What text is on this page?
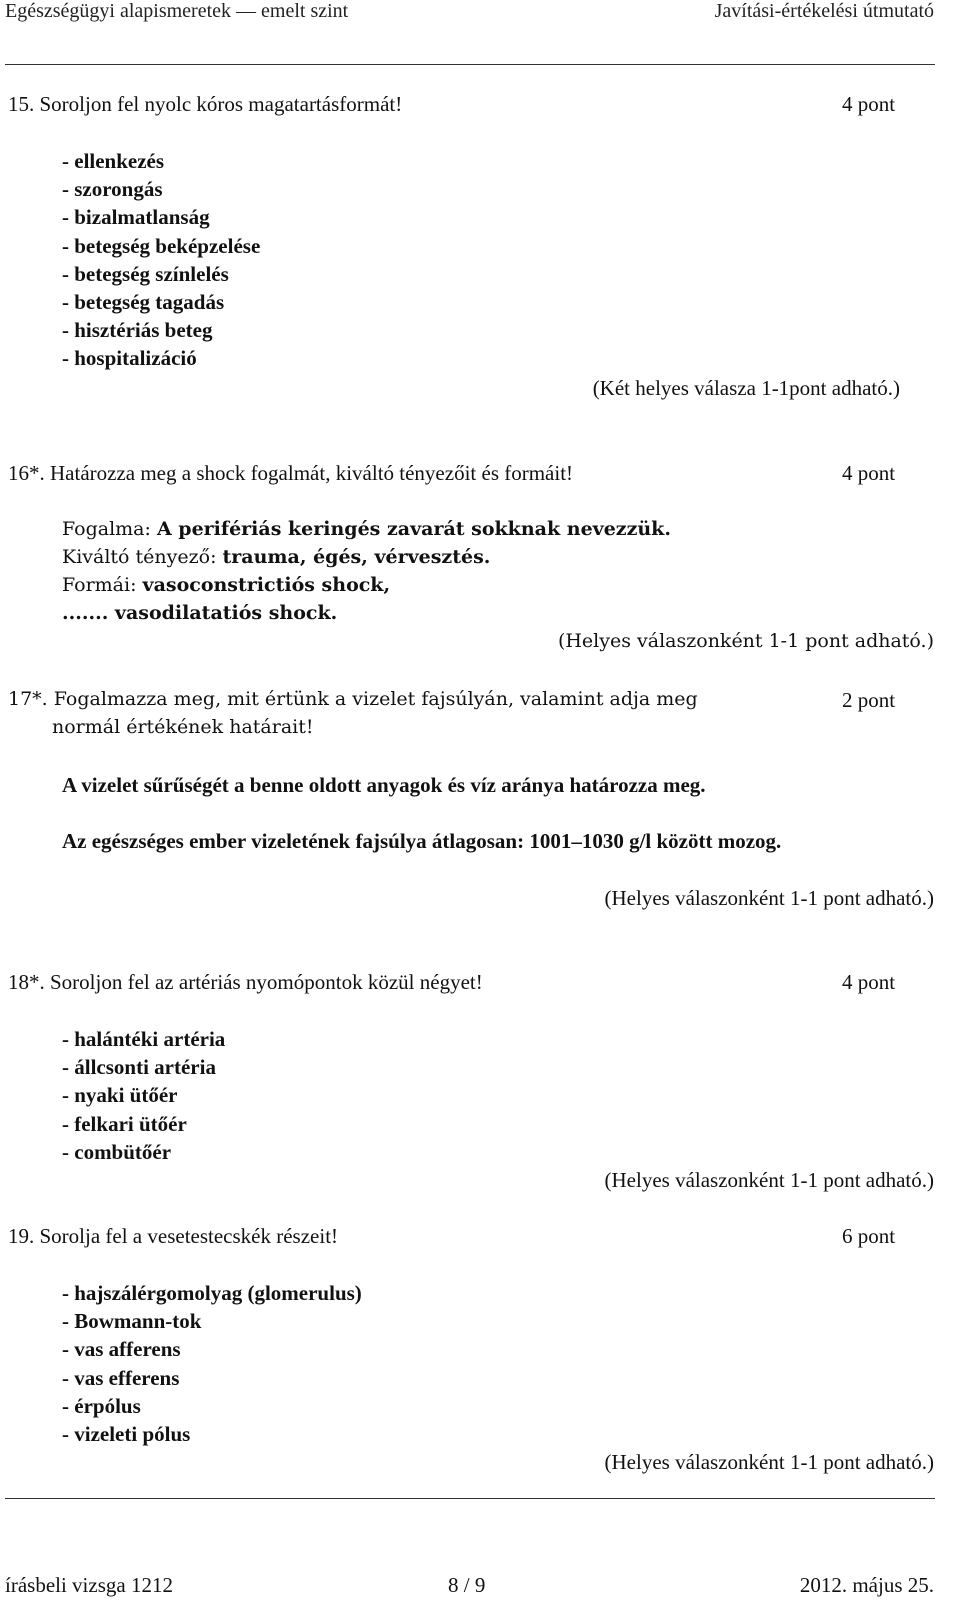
Egészségügyi alapismeretek — emelt szint	Javítási-értékelési útmutató
15. Soroljon fel nyolc kóros magatartásformát!	4 pont
- ellenkezés
- szorongás
- bizalmatlanság
- betegség beképzelése
- betegség színlelés
- betegség tagadás
- hisztériás beteg
- hospitalizáció
(Két helyes válasza 1-1pont adható.)
16*. Határozza meg a shock fogalmát, kiváltó tényezőit és formáit!	4 pont
Fogalma: A perifériás keringés zavarát sokknak nevezzük.
Kiváltó tényező: trauma, égés, vérvesztés.
Formái: vasoconstrictiós shock,
....... vasodilatatiós shock.
(Helyes válaszonként 1-1 pont adható.)
17*. Fogalmazza meg, mit értünk a vizelet fajsúlyán, valamint adja meg	2 pont
normál értékének határait!
A vizelet sűrűségét a benne oldott anyagok és víz aránya határozza meg.
Az egészséges ember vizeletének fajsúlya átlagosan: 1001–1030 g/l között mozog.
(Helyes válaszonként 1-1 pont adható.)
18*. Soroljon fel az artériás nyomópontok közül négyet!	4 pont
- halántéki artéria
- állcsonti artéria
- nyaki ütőér
- felkari ütőér
- combütőér
(Helyes válaszonként 1-1 pont adható.)
19. Sorolja fel a vesetestecskék részeit!	6 pont
- hajszálérgomolyag (glomerulus)
- Bowmann-tok
- vas afferens
- vas efferens
- érpólus
- vizeleti pólus
(Helyes válaszonként 1-1 pont adható.)
írásbeli vizsga 1212	8 / 9	2012. május 25.
